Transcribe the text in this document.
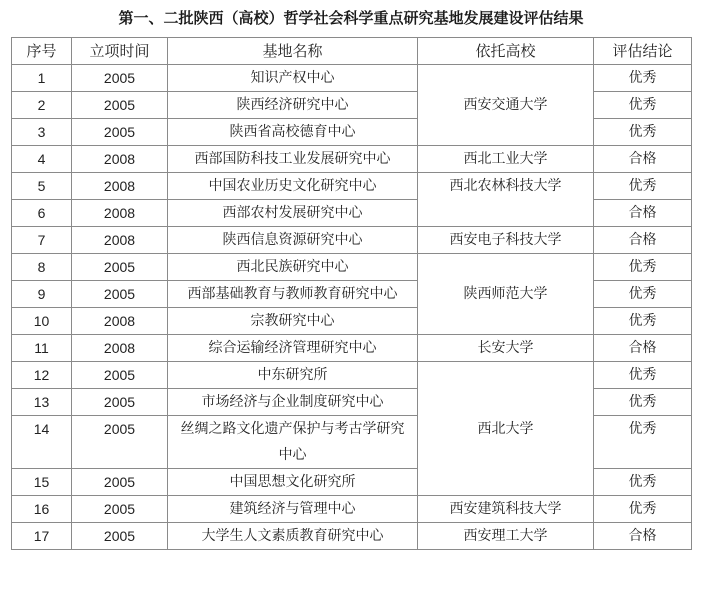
第一、二批陕西（高校）哲学社会科学重点研究基地发展建设评估结果
序号	立项时间	基地名称	依托高校	评估结论
1	2005	知识产权中心	西安交通大学	优秀
2	2005	陕西经济研究中心		优秀
3	2005	陕西省高校德育中心		优秀
4	2008	西部国防科技工业发展研究中心	西北工业大学	合格
5	2008	中国农业历史文化研究中心	西北农林科技大学	优秀
6	2008	西部农村发展研究中心		合格
7	2008	陕西信息资源研究中心	西安电子科技大学	合格
8	2005	西北民族研究中心	陕西师范大学	优秀
9	2005	西部基础教育与教师教育研究中心		优秀
10	2008	宗教研究中心		优秀
11	2008	综合运输经济管理研究中心	长安大学	合格
12	2005	中东研究所	西北大学	优秀
13	2005	市场经济与企业制度研究中心		优秀
14	2005	丝绸之路文化遗产保护与考古学研究中心		优秀
15	2005	中国思想文化研究所		优秀
16	2005	建筑经济与管理中心	西安建筑科技大学	优秀
17	2005	大学生人文素质教育研究中心	西安理工大学	合格
